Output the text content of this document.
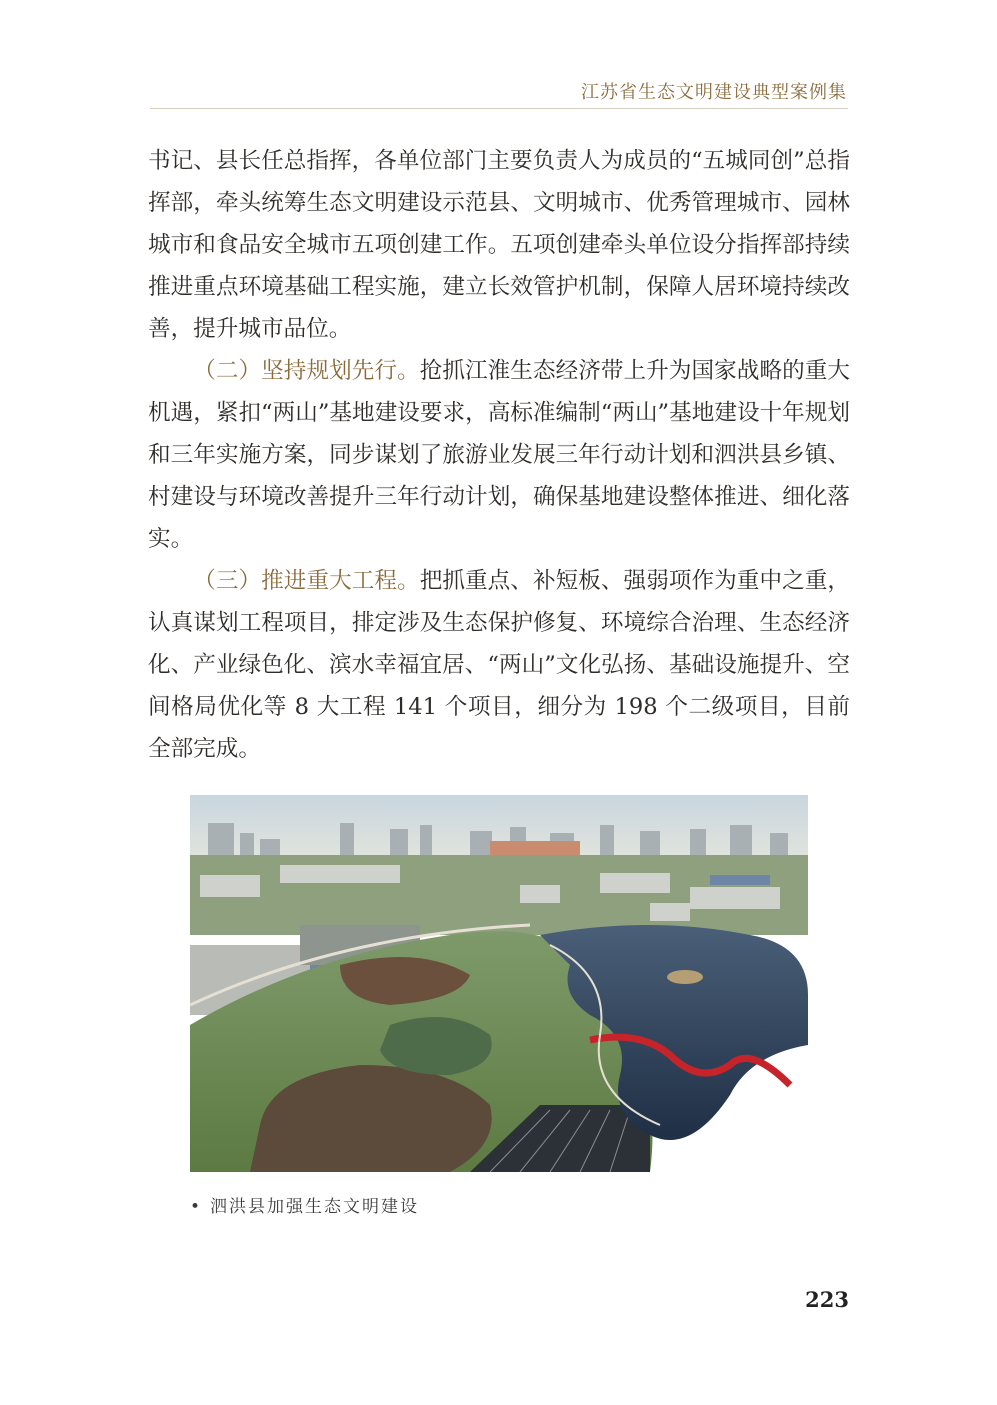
江苏省生态文明建设典型案例集

书记、县长任总指挥，各单位部门主要负责人为成员的“五城同创”总指挥部，牵头统筹生态文明建设示范县、文明城市、优秀管理城市、园林城市和食品安全城市五项创建工作。五项创建牵头单位设分指挥部持续推进重点环境基础工程实施，建立长效管护机制，保障人居环境持续改善，提升城市品位。

（二）坚持规划先行。抢抓江淮生态经济带上升为国家战略的重大机遇，紧扣“两山”基地建设要求，高标准编制“两山”基地建设十年规划和三年实施方案，同步谋划了旅游业发展三年行动计划和泗洪县乡镇、村建设与环境改善提升三年行动计划，确保基地建设整体推进、细化落实。

（三）推进重大工程。把抓重点、补短板、强弱项作为重中之重，认真谋划工程项目，排定涉及生态保护修复、环境综合治理、生态经济化、产业绿色化、滨水幸福宜居、“两山”文化弘扬、基础设施提升、空间格局优化等 8 大工程 141 个项目，细分为 198 个二级项目，目前全部完成。

• 泗洪县加强生态文明建设
223
